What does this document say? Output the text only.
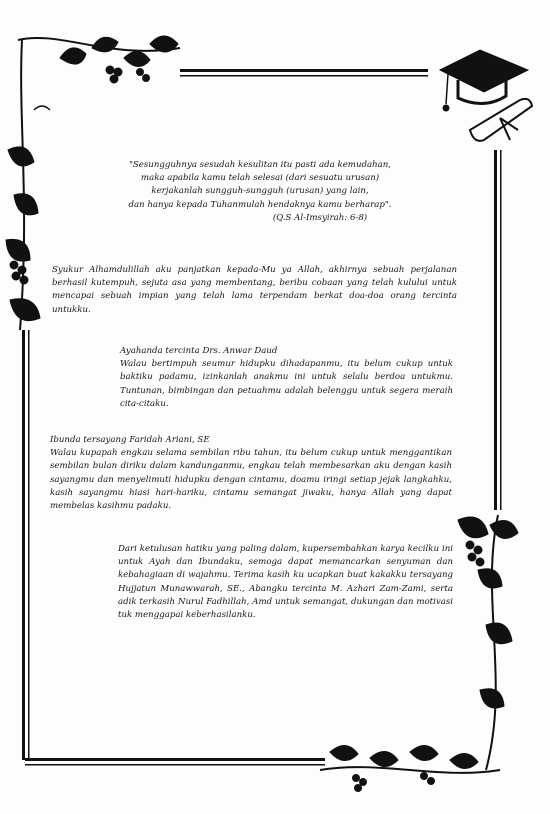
"Sesungguhnya sesudah kesulitan itu pasti ada kemudahan,
maka apabila kamu telah selesai (dari sesuatu urusan)
kerjakanlah sungguh-sungguh (urusan) yang lain,
dan hanya kepada Tuhanmulah hendaknya kamu berharap".
(Q.S Al-Imsyirah: 6-8)

Syukur Alhamdulillah aku panjatkan kepada-Mu ya Allah, akhirnya sebuah perjalanan berhasil kutempuh, sejuta asa yang membentang, beribu cobaan yang telah kulului untuk mencapai sebuah impian yang telah lama terpendam berkat doa-doa orang tercinta untukku.

Ayahanda tercinta Drs. Anwar Daud
Walau bertimpuh seumur hidupku dihadapanmu, itu belum cukup untuk baktiku padamu, izinkanlah anakmu ini untuk selalu berdoa untukmu. Tuntunan, bimbingan dan petuahmu adalah belenggu untuk segera meraih cita-citaku.
Ibunda tersayang Faridah Ariani, SE
Walau kupapah engkau selama sembilan ribu tahun, itu belum cukup untuk menggantikan sembilan bulan diriku dalam kandunganmu, engkau telah membesarkan aku dengan kasih sayangmu dan menyelimuti hidupku dengan cintamu, doamu iringi setiap jejak langkahku, kasih sayangmu hiasi hari-hariku, cintamu semangat jiwaku, hanya Allah yang dapat membelas kasihmu padaku.

Dari ketulusan hatiku yang paling dalam, kupersembahkan karya kecilku ini untuk Ayah dan Ibundaku, semoga dapat memancarkan senyuman dan kebahagiaan di wajahmu. Terima kasih ku ucapkan buat kakakku tersayang Hujjatun Munawwarah, SE., Abangku tercinta M. Azhari Zam-Zami, serta adik terkasih Nurul Fadhillah, Amd untuk semangat, dukungan dan motivasi tuk menggapai keberhasilanku.
